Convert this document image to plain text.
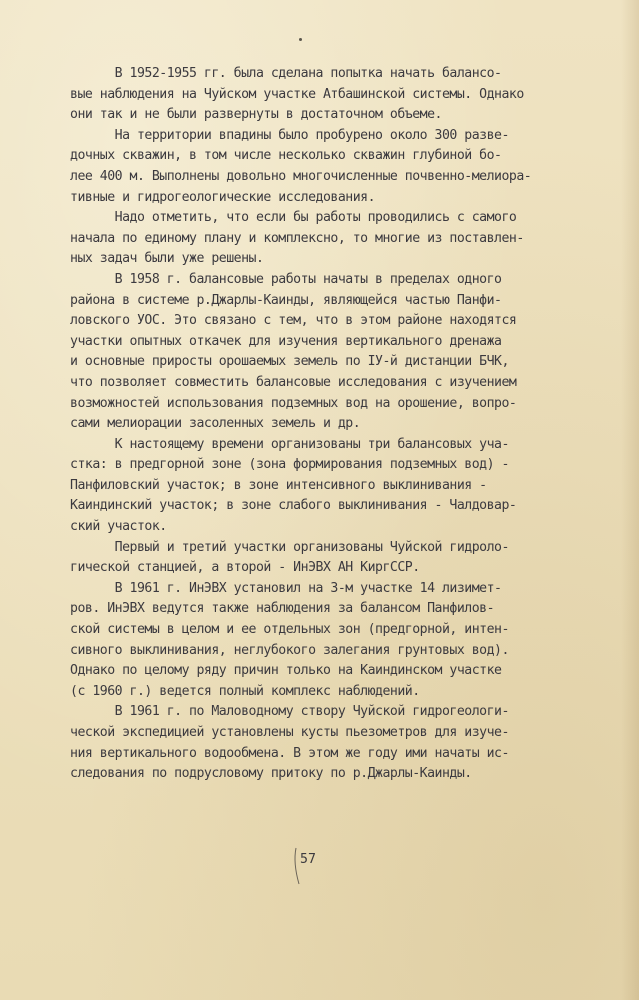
В 1952-1955 гг. была сделана попытка начать балансо-
вые наблюдения на Чуйском участке Атбашинской системы. Однако
они так и не были развернуты в достаточном объеме.
На территории впадины было пробурено около 300 разве-
дочных скважин, в том числе несколько скважин глубиной бо-
лее 400 м. Выполнены довольно многочисленные почвенно-мелиора-
тивные и гидрогеологические исследования.
Надо отметить, что если бы работы проводились с самого
начала по единому плану и комплексно, то многие из поставлен-
ных задач были уже решены.
В 1958 г. балансовые работы начаты в пределах одного
района в системе р.Джарлы-Каинды, являющейся частью Панфи-
ловского УОС. Это связано с тем, что в этом районе находятся
участки опытных откачек для изучения вертикального дренажа
и основные приросты орошаемых земель по IУ-й дистанции БЧК,
что позволяет совместить балансовые исследования с изучением
возможностей использования подземных вод на орошение, вопро-
сами мелиорации засоленных земель и др.
К настоящему времени организованы три балансовых уча-
стка: в предгорной зоне (зона формирования подземных вод) -
Панфиловский участок; в зоне интенсивного выклинивания -
Каиндинский участок; в зоне слабого выклинивания - Чалдовар-
ский участок.
Первый и третий участки организованы Чуйской гидроло-
гической станцией, а второй - ИнЭВХ АН КиргССР.
В 1961 г. ИнЭВХ установил на 3-м участке 14 лизимет-
ров. ИнЭВХ ведутся также наблюдения за балансом Панфилов-
ской системы в целом и ее отдельных зон (предгорной, интен-
сивного выклинивания, неглубокого залегания грунтовых вод).
Однако по целому ряду причин только на Каиндинском участке
(с 1960 г.) ведется полный комплекс наблюдений.
В 1961 г. по Маловодному створу Чуйской гидрогеологи-
ческой экспедицией установлены кусты пьезометров для изуче-
ния вертикального водообмена. В этом же году ими начаты ис-
следования по подрусловому притоку по р.Джарлы-Каинды.
57
